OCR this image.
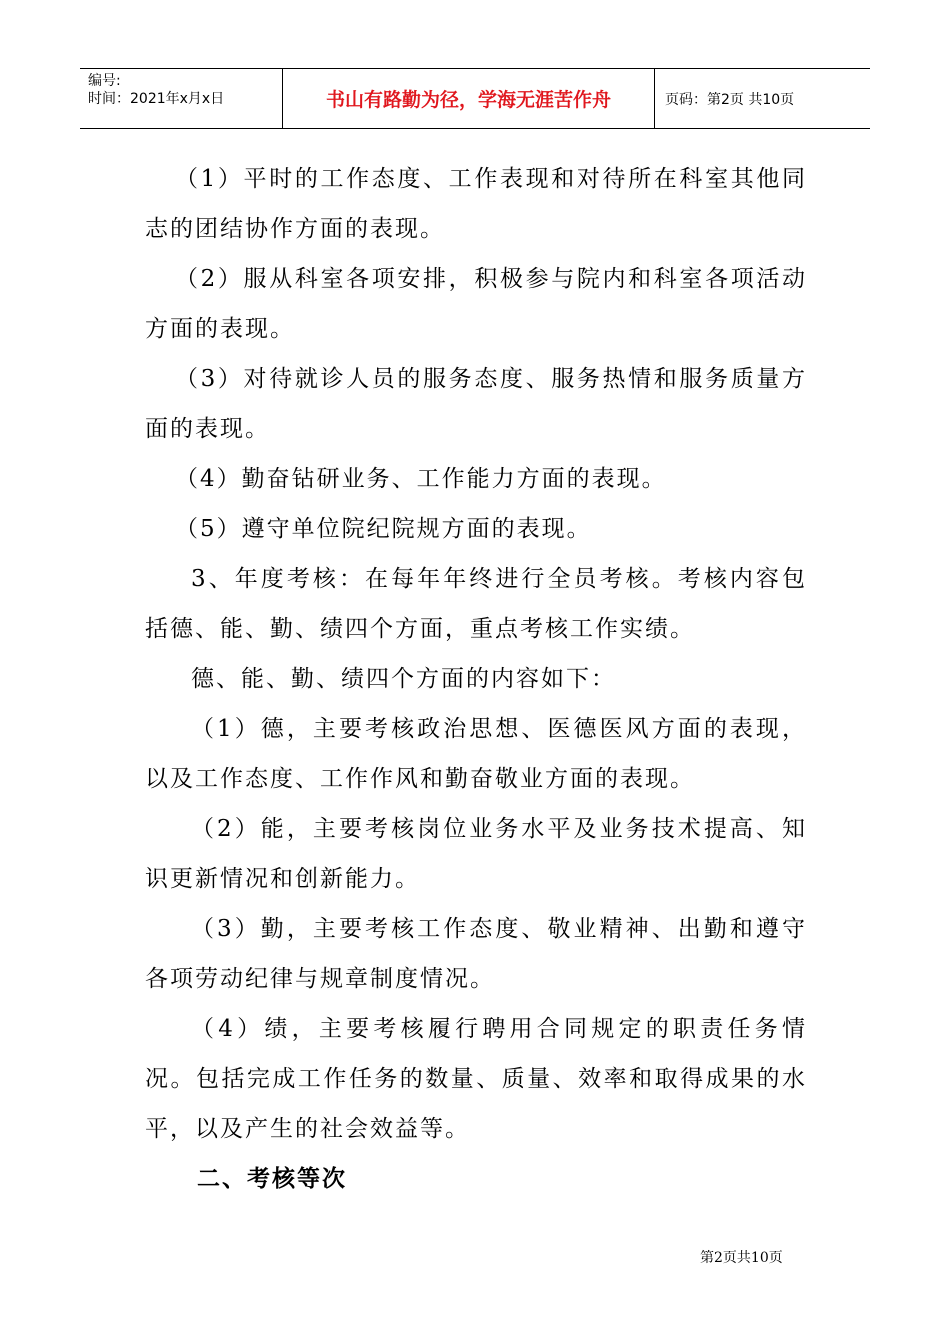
编号:
时间：2021年x月x日	书山有路勤为径，学海无涯苦作舟	页码：第2页 共10页

（1）平时的工作态度、工作表现和对待所在科室其他同志的团结协作方面的表现。

（2）服从科室各项安排，积极参与院内和科室各项活动方面的表现。

（3）对待就诊人员的服务态度、服务热情和服务质量方面的表现。

（4）勤奋钻研业务、工作能力方面的表现。

（5）遵守单位院纪院规方面的表现。

3、年度考核：在每年年终进行全员考核。考核内容包括德、能、勤、绩四个方面，重点考核工作实绩。

德、能、勤、绩四个方面的内容如下：

（1）德，主要考核政治思想、医德医风方面的表现，以及工作态度、工作作风和勤奋敬业方面的表现。

（2）能，主要考核岗位业务水平及业务技术提高、知识更新情况和创新能力。

（3）勤，主要考核工作态度、敬业精神、出勤和遵守各项劳动纪律与规章制度情况。

（4）绩，主要考核履行聘用合同规定的职责任务情况。包括完成工作任务的数量、质量、效率和取得成果的水平，以及产生的社会效益等。

二、考核等次

第2页共10页
